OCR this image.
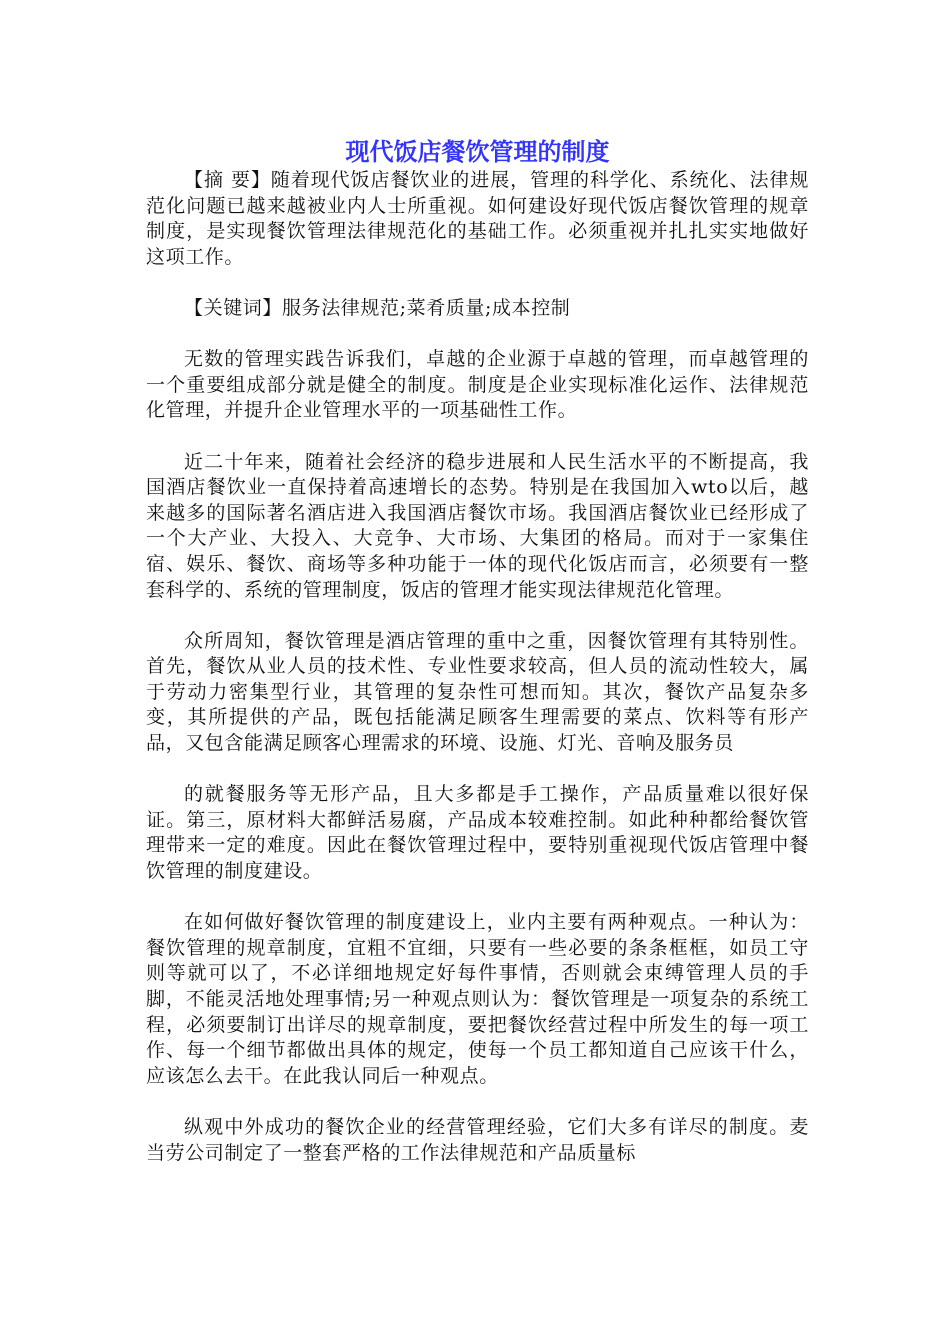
现代饭店餐饮管理的制度

【摘 要】随着现代饭店餐饮业的进展，管理的科学化、系统化、法律规范化问题已越来越被业内人士所重视。如何建设好现代饭店餐饮管理的规章制度，是实现餐饮管理法律规范化的基础工作。必须重视并扎扎实实地做好这项工作。

【关键词】服务法律规范;菜肴质量;成本控制

无数的管理实践告诉我们，卓越的企业源于卓越的管理，而卓越管理的一个重要组成部分就是健全的制度。制度是企业实现标准化运作、法律规范化管理，并提升企业管理水平的一项基础性工作。

近二十年来，随着社会经济的稳步进展和人民生活水平的不断提高，我国酒店餐饮业一直保持着高速增长的态势。特别是在我国加入wto以后，越来越多的国际著名酒店进入我国酒店餐饮市场。我国酒店餐饮业已经形成了一个大产业、大投入、大竞争、大市场、大集团的格局。而对于一家集住宿、娱乐、餐饮、商场等多种功能于一体的现代化饭店而言，必须要有一整套科学的、系统的管理制度，饭店的管理才能实现法律规范化管理。

众所周知，餐饮管理是酒店管理的重中之重，因餐饮管理有其特别性。首先，餐饮从业人员的技术性、专业性要求较高，但人员的流动性较大，属于劳动力密集型行业，其管理的复杂性可想而知。其次，餐饮产品复杂多变，其所提供的产品，既包括能满足顾客生理需要的菜点、饮料等有形产品，又包含能满足顾客心理需求的环境、设施、灯光、音响及服务员

的就餐服务等无形产品，且大多都是手工操作，产品质量难以很好保证。第三，原材料大都鲜活易腐，产品成本较难控制。如此种种都给餐饮管理带来一定的难度。因此在餐饮管理过程中，要特别重视现代饭店管理中餐饮管理的制度建设。

在如何做好餐饮管理的制度建设上，业内主要有两种观点。一种认为：餐饮管理的规章制度，宜粗不宜细，只要有一些必要的条条框框，如员工守则等就可以了，不必详细地规定好每件事情，否则就会束缚管理人员的手脚，不能灵活地处理事情;另一种观点则认为：餐饮管理是一项复杂的系统工程，必须要制订出详尽的规章制度，要把餐饮经营过程中所发生的每一项工作、每一个细节都做出具体的规定，使每一个员工都知道自己应该干什么，应该怎么去干。在此我认同后一种观点。

纵观中外成功的餐饮企业的经营管理经验，它们大多有详尽的制度。麦当劳公司制定了一整套严格的工作法律规范和产品质量标
